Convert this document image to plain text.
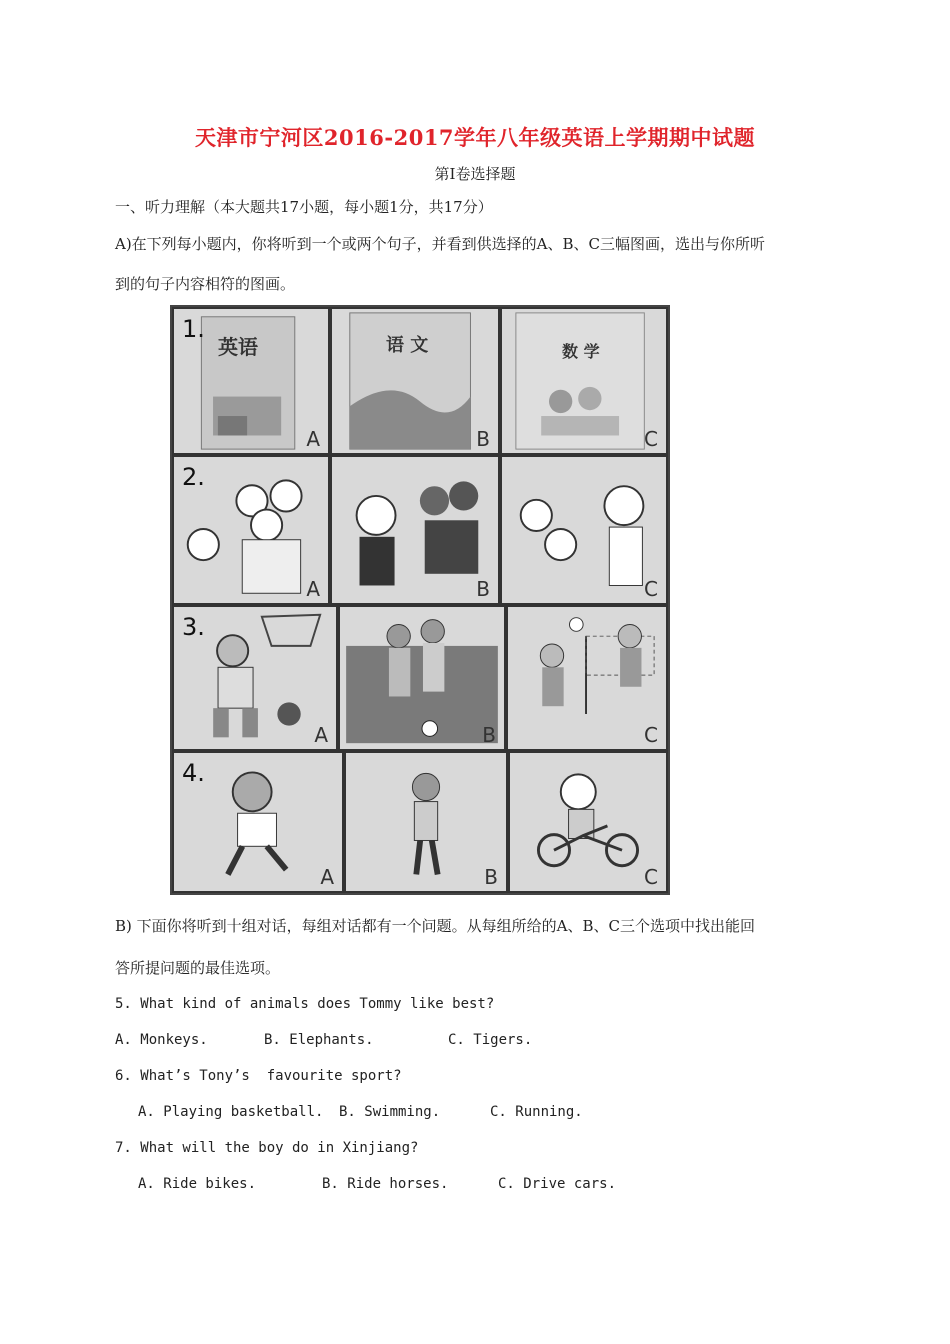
天津市宁河区2016-2017学年八年级英语上学期期中试题
第I卷选择题
一、听力理解（本大题共17小题，每小题1分，共17分）
A)在下列每小题内，你将听到一个或两个句子，并看到供选择的A、B、C三幅图画，选出与你所听
到的句子内容相符的图画。
1.
英语
A
语 文
B
数 学
C
2.
A	B	C
3.
A	B	C
4.
A	B	C
B) 下面你将听到十组对话，每组对话都有一个问题。从每组所给的A、B、C三个选项中找出能回
答所提问题的最佳选项。
5. What kind of animals does Tommy like best?
A. Monkeys.	B. Elephants.	C. Tigers.
6. What’s Tony’s  favourite sport?
A. Playing basketball. B. Swimming.	C. Running.
7. What will the boy do in Xinjiang?
A. Ride bikes.	B. Ride horses.	C. Drive cars.
